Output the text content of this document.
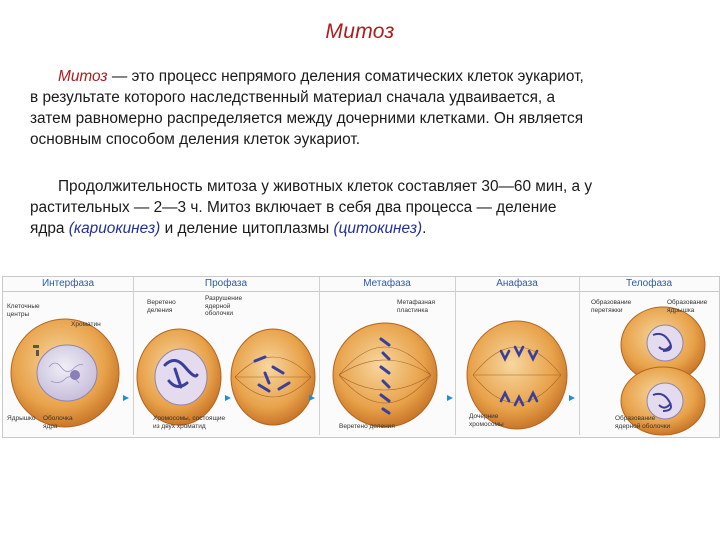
Митоз

Митоз — это процесс непрямого деления соматических клеток эукариот,
в результате которого наследственный материал сначала удваивается, а
затем равномерно распределяется между дочерними клетками. Он является
основным способом деления клеток эукариот.

Продолжительность митоза у животных клеток составляет 30—60 мин, а у
растительных — 2—3 ч. Митоз включает в себя два процесса — деление
ядра (кариокинез) и деление цитоплазмы (цитокинез).

Интерфаза	Профаза	Метафаза	Анафаза	Телофаза
Клеточные
центры
Хроматин
Ядрышко Оболочка
ядра
Веретено
деления
Разрушение
ядерной
оболочки
Хромосомы, состоящие
из двух хроматид
Метафазная
пластинка
Веретено деления
Дочерние
хромосомы
Образование
перетяжки
Образование
ядрышка
Образование
ядерной оболочки
